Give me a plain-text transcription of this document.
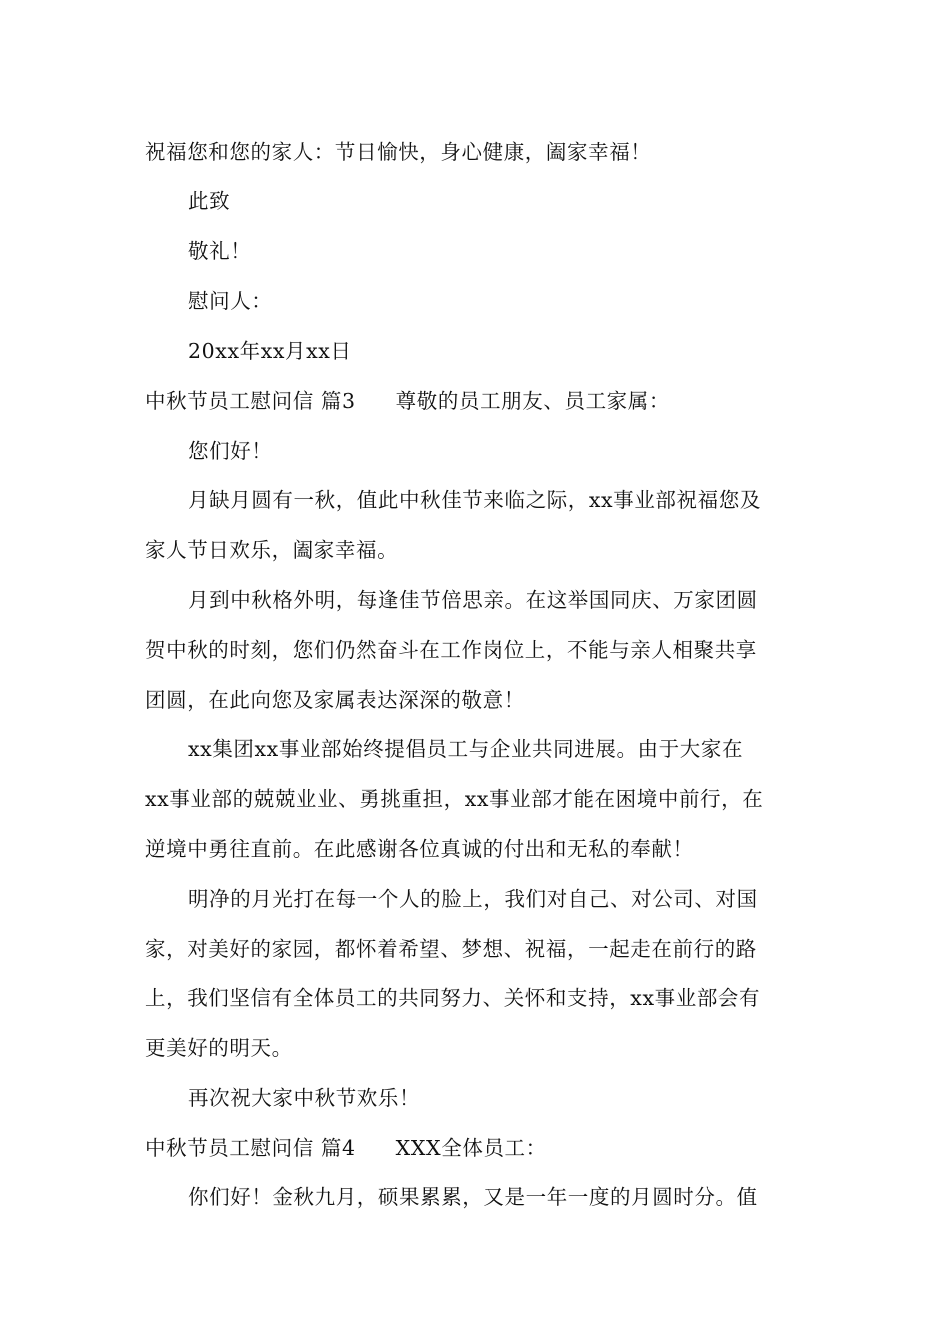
祝福您和您的家人：节日愉快，身心健康，阖家幸福！
此致
敬礼！
慰问人：
20xx年xx月xx日
中秋节员工慰问信 篇3 尊敬的员工朋友、员工家属：
您们好！
月缺月圆有一秋，值此中秋佳节来临之际，xx事业部祝福您及
家人节日欢乐，阖家幸福。
月到中秋格外明，每逢佳节倍思亲。在这举国同庆、万家团圆
贺中秋的时刻，您们仍然奋斗在工作岗位上，不能与亲人相聚共享
团圆，在此向您及家属表达深深的敬意！
xx集团xx事业部始终提倡员工与企业共同进展。由于大家在
xx事业部的兢兢业业、勇挑重担，xx事业部才能在困境中前行，在
逆境中勇往直前。在此感谢各位真诚的付出和无私的奉献！
明净的月光打在每一个人的脸上，我们对自己、对公司、对国
家，对美好的家园，都怀着希望、梦想、祝福，一起走在前行的路
上，我们坚信有全体员工的共同努力、关怀和支持，xx事业部会有
更美好的明天。
再次祝大家中秋节欢乐！
中秋节员工慰问信 篇4 XXX全体员工：
你们好！金秋九月，硕果累累，又是一年一度的月圆时分。值
